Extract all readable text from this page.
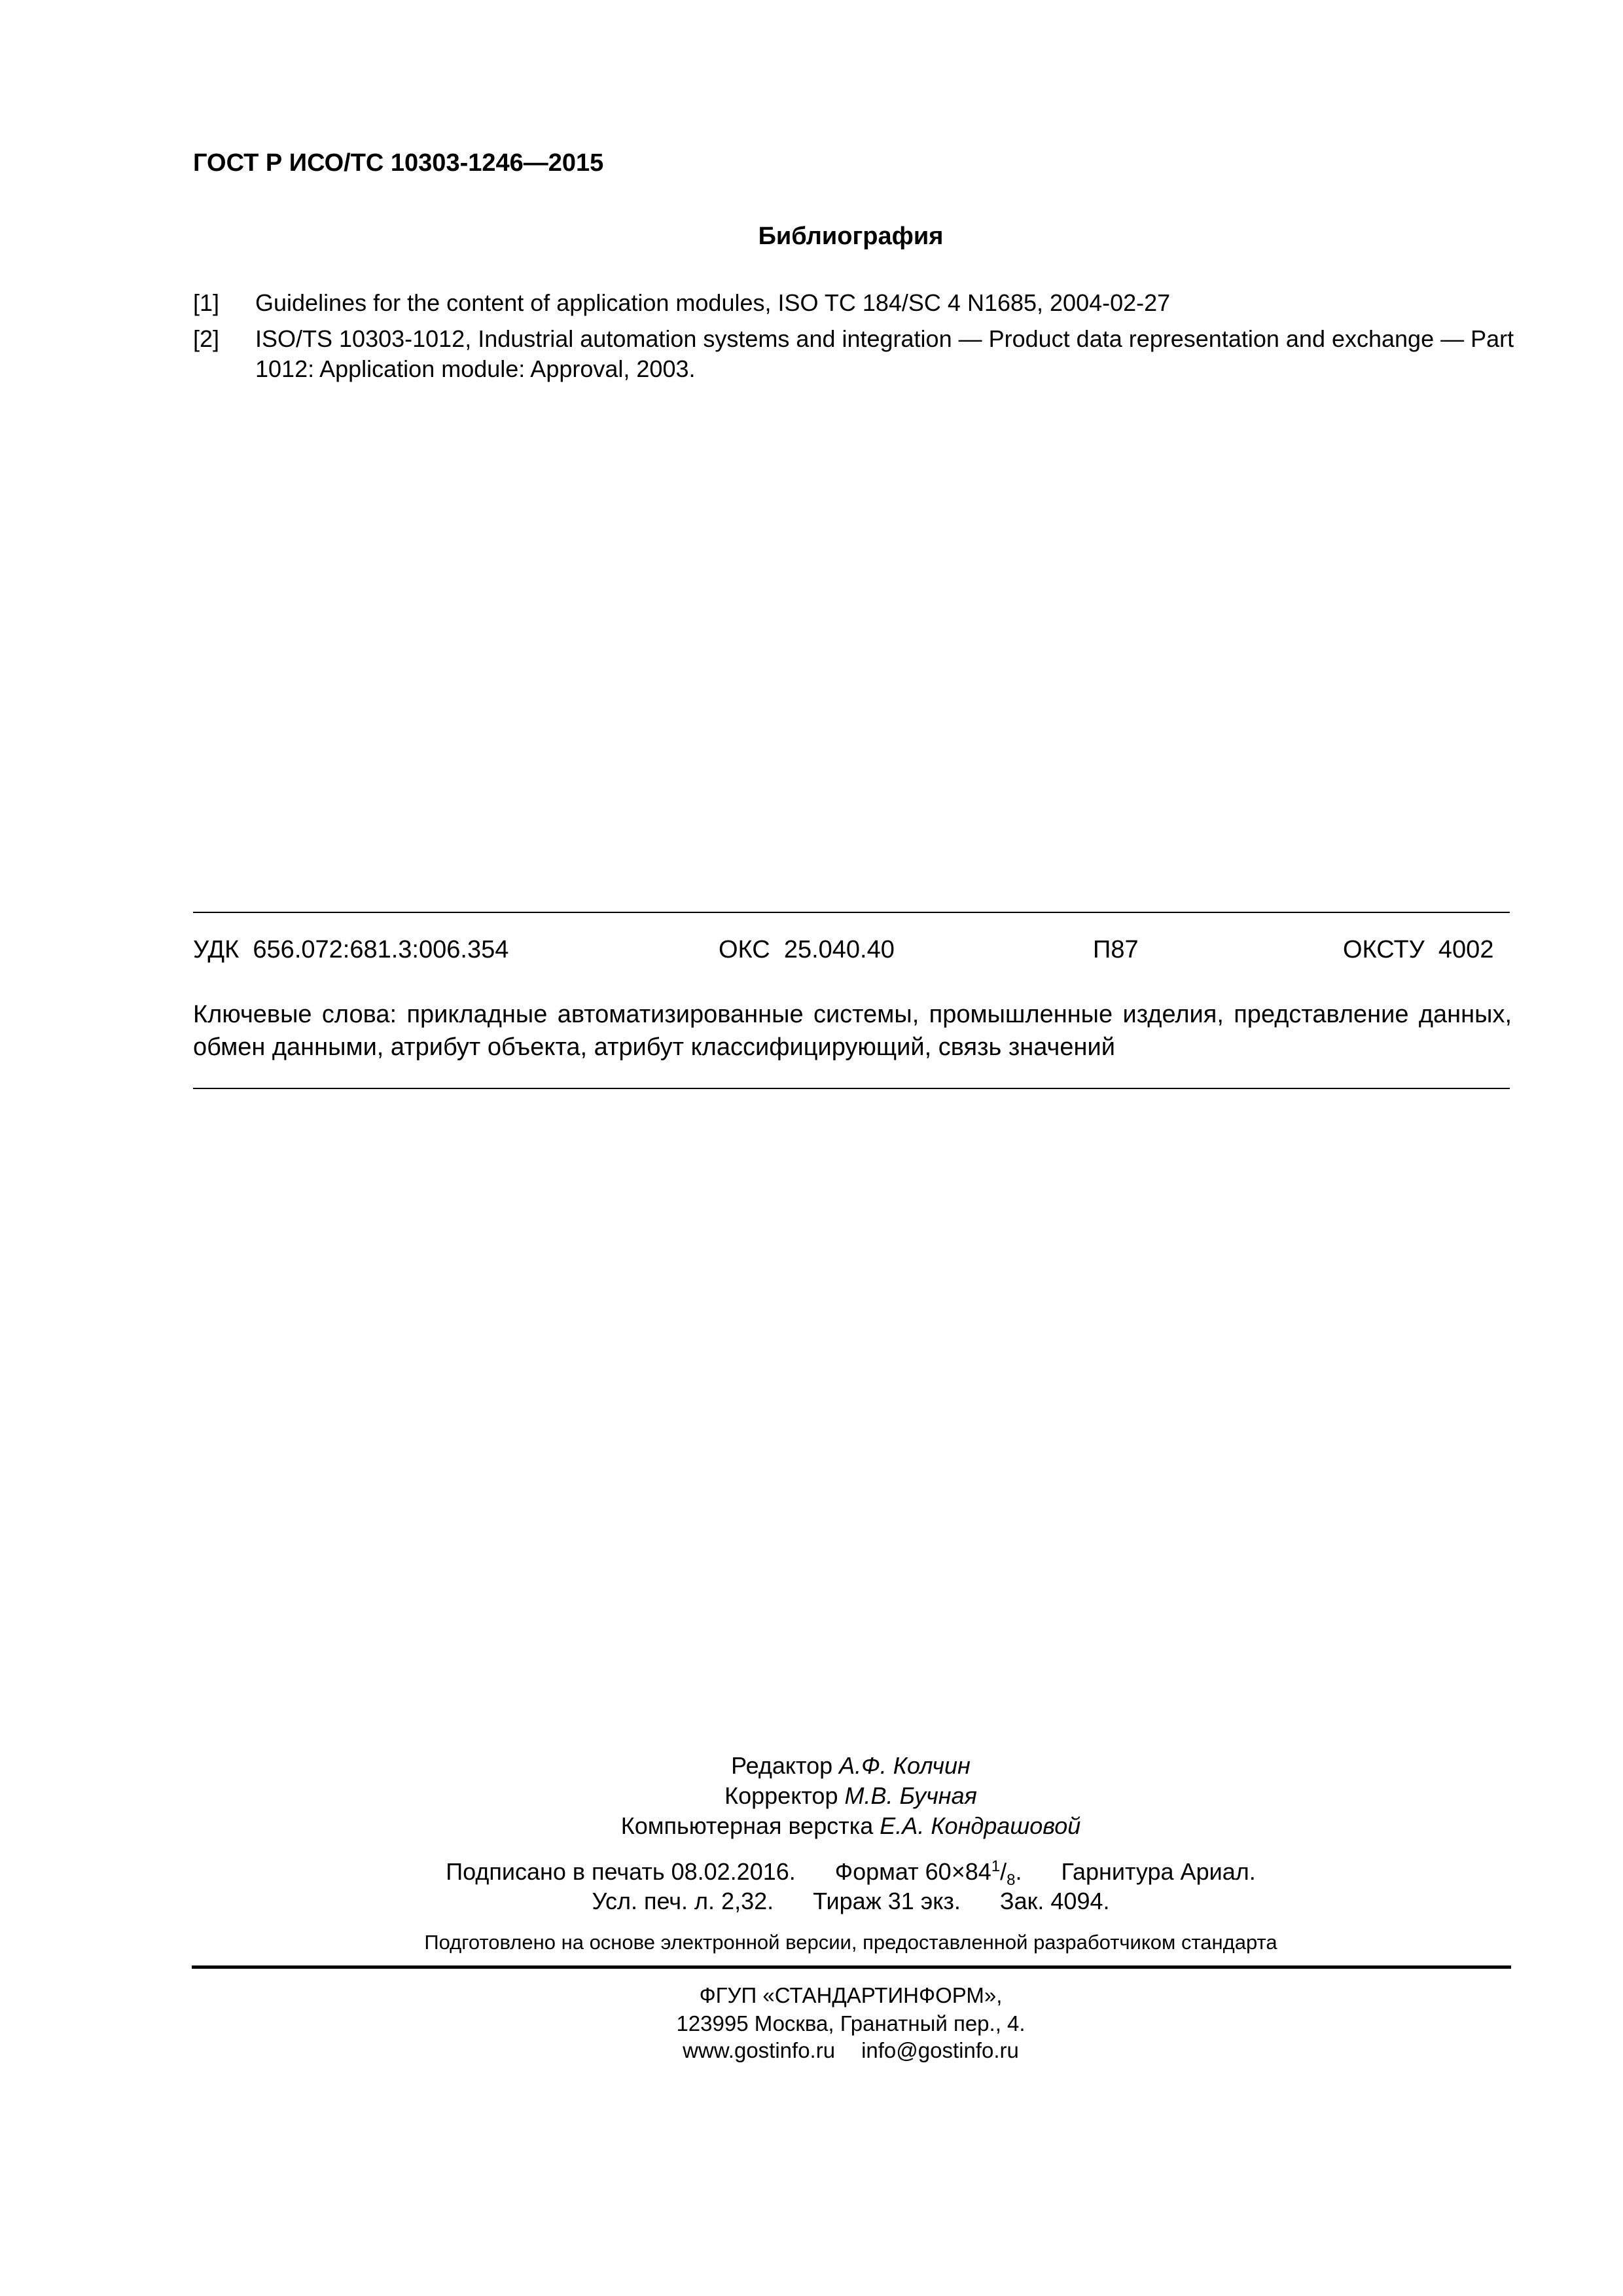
ГОСТ Р ИСО/ТС 10303-1246—2015
Библиография
[1] Guidelines for the content of application modules, ISO TC 184/SC 4 N1685, 2004-02-27
[2] ISO/TS 10303-1012, Industrial automation systems and integration — Product data representation and exchange — Part 1012: Application module: Approval, 2003.
УДК  656.072:681.3:006.354	ОКС  25.040.40	П87	ОКСТУ  4002
Ключевые слова: прикладные автоматизированные системы, промышленные изделия, представление данных, обмен данными, атрибут объекта, атрибут классифицирующий, связь значений
Редактор А.Ф. Колчин
Корректор М.В. Бучная
Компьютерная верстка Е.А. Кондрашовой
Подписано в печать 08.02.2016. Формат $60\times 84^1/_8$. Гарнитура Ариал.
Усл. печ. л. 2,32. Тираж 31 экз. Зак. 4094.
Подготовлено на основе электронной версии, предоставленной разработчиком стандарта
ФГУП «СТАНДАРТИНФОРМ»,
123995 Москва, Гранатный пер., 4.
www.gostinfo.ru info@gostinfo.ru
